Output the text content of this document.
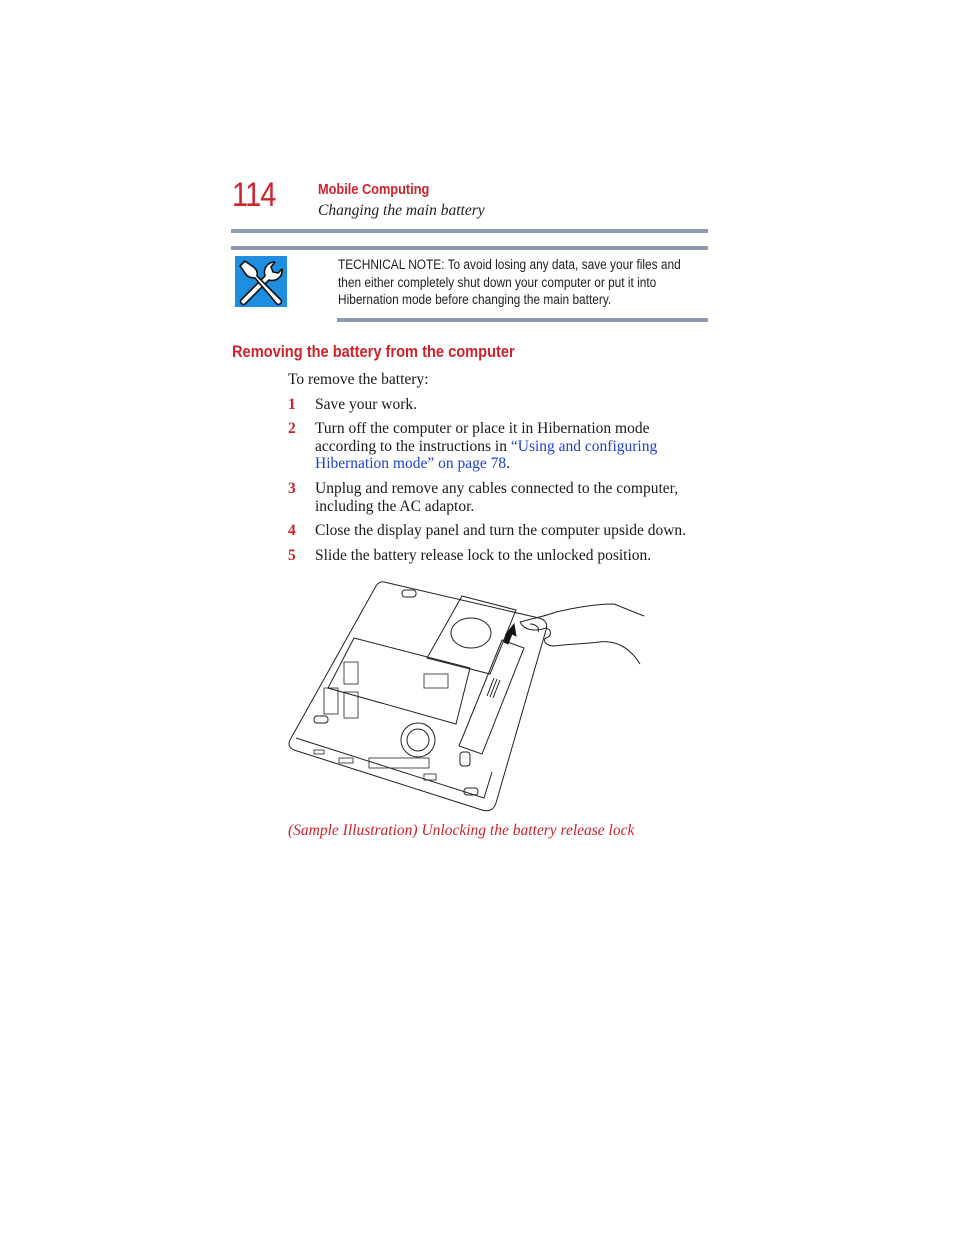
114	Mobile Computing
Changing the main battery
TECHNICAL NOTE: To avoid losing any data, save your files and then either completely shut down your computer or put it into Hibernation mode before changing the main battery.
Removing the battery from the computer
To remove the battery:
1 Save your work.
2 Turn off the computer or place it in Hibernation mode according to the instructions in “Using and configuring Hibernation mode” on page 78.
3 Unplug and remove any cables connected to the computer, including the AC adaptor.
4 Close the display panel and turn the computer upside down.
5 Slide the battery release lock to the unlocked position.
(Sample Illustration) Unlocking the battery release lock
